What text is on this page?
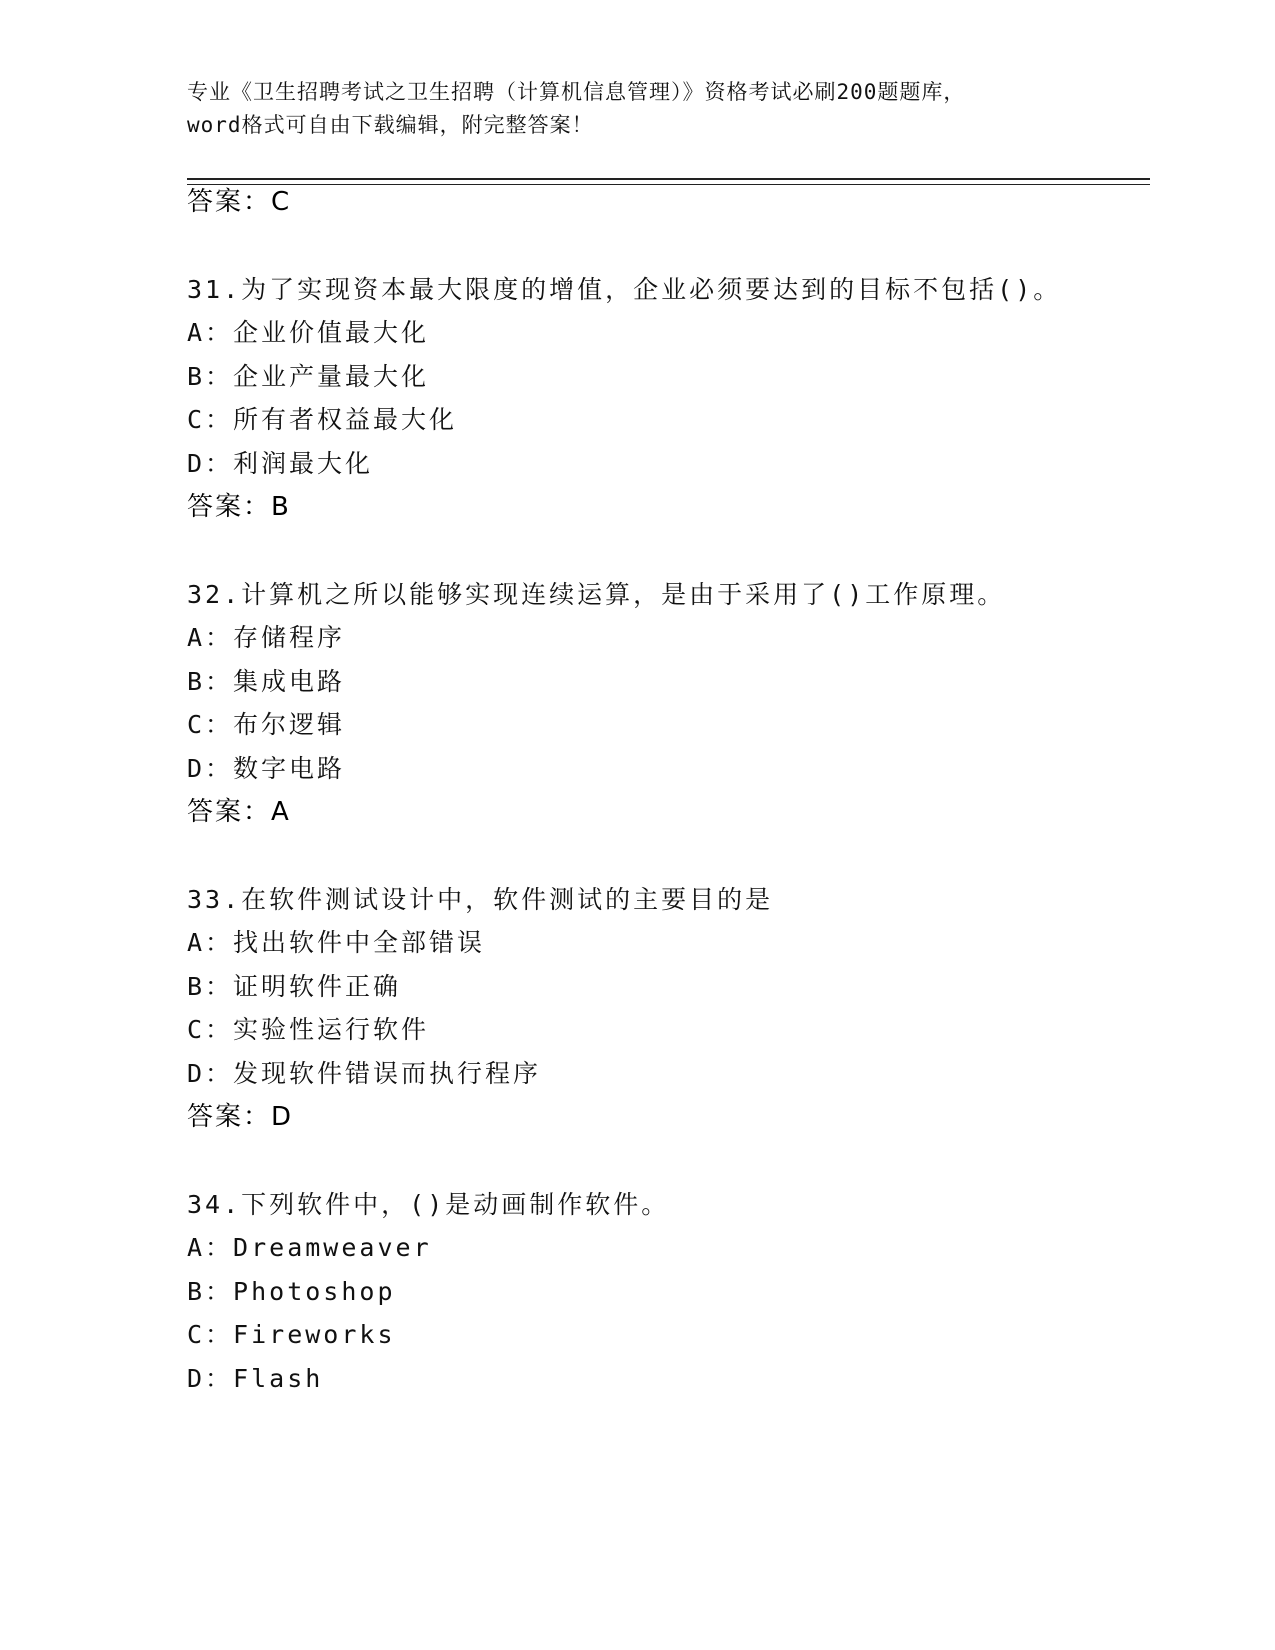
专业《卫生招聘考试之卫生招聘（计算机信息管理）》资格考试必刷200题题库，
word格式可自由下载编辑，附完整答案！
答案：C
31.为了实现资本最大限度的增值，企业必须要达到的目标不包括()。
A：企业价值最大化
B：企业产量最大化
C：所有者权益最大化
D：利润最大化
答案：B
32.计算机之所以能够实现连续运算，是由于采用了()工作原理。
A：存储程序
B：集成电路
C：布尔逻辑
D：数字电路
答案：A
33.在软件测试设计中，软件测试的主要目的是
A：找出软件中全部错误
B：证明软件正确
C：实验性运行软件
D：发现软件错误而执行程序
答案：D
34.下列软件中，()是动画制作软件。
A：Dreamweaver
B：Photoshop
C：Fireworks
D：Flash
